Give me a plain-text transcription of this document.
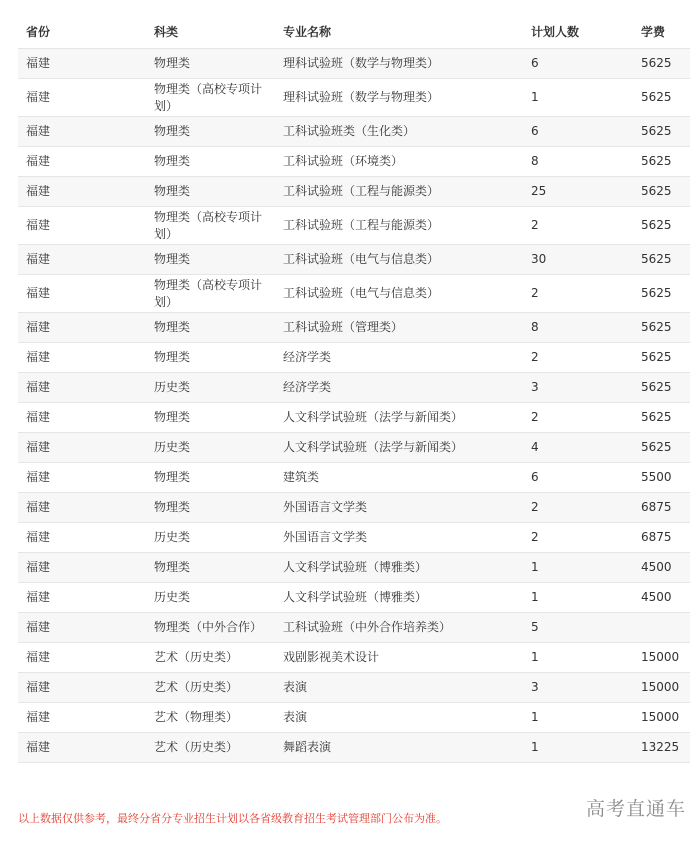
省份	科类	专业名称	计划人数	学费
福建	物理类	理科试验班（数学与物理类）	6	5625
福建	物理类（高校专项计划）	理科试验班（数学与物理类）	1	5625
福建	物理类	工科试验班类（生化类）	6	5625
福建	物理类	工科试验班（环境类）	8	5625
福建	物理类	工科试验班（工程与能源类）	25	5625
福建	物理类（高校专项计划）	工科试验班（工程与能源类）	2	5625
福建	物理类	工科试验班（电气与信息类）	30	5625
福建	物理类（高校专项计划）	工科试验班（电气与信息类）	2	5625
福建	物理类	工科试验班（管理类）	8	5625
福建	物理类	经济学类	2	5625
福建	历史类	经济学类	3	5625
福建	物理类	人文科学试验班（法学与新闻类）	2	5625
福建	历史类	人文科学试验班（法学与新闻类）	4	5625
福建	物理类	建筑类	6	5500
福建	物理类	外国语言文学类	2	6875
福建	历史类	外国语言文学类	2	6875
福建	物理类	人文科学试验班（博雅类）	1	4500
福建	历史类	人文科学试验班（博雅类）	1	4500
福建	物理类（中外合作）	工科试验班（中外合作培养类）	5	
福建	艺术（历史类）	戏剧影视美术设计	1	15000
福建	艺术（历史类）	表演	3	15000
福建	艺术（物理类）	表演	1	15000
福建	艺术（历史类）	舞蹈表演	1	13225
以上数据仅供参考，最终分省分专业招生计划以各省级教育招生考试管理部门公布为准。	高考直通车
